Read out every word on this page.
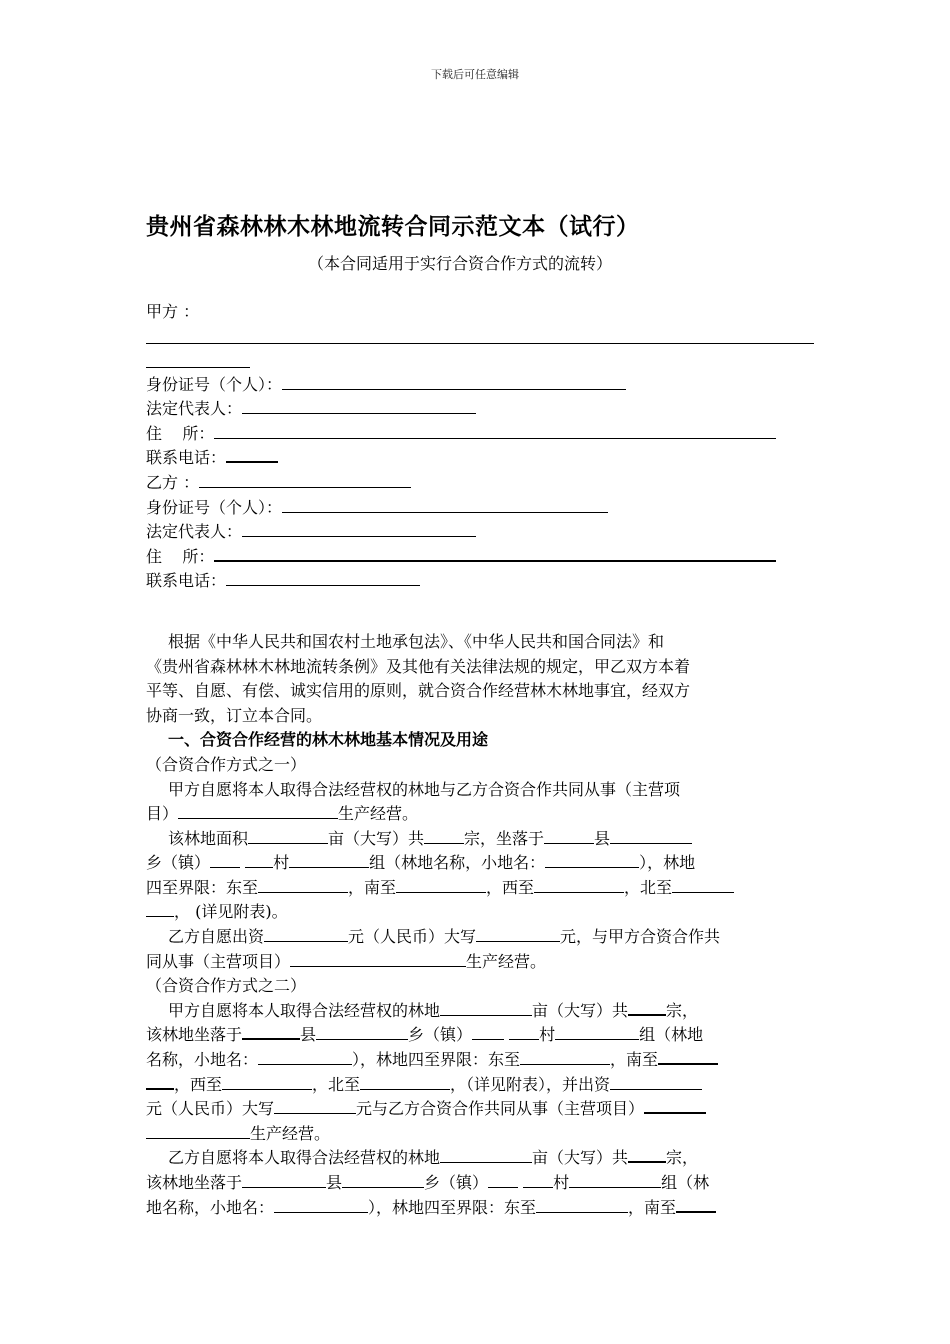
下载后可任意编辑
贵州省森林林木林地流转合同示范文本（试行）
（本合同适用于实行合资合作方式的流转）
甲方 ：
身份证号（个人）：
法定代表人：
住    所：
联系电话：
乙方 ：
身份证号（个人）：
法定代表人：
住    所：
联系电话：
根据《中华人民共和国农村土地承包法》、《中华人民共和国合同法》和
《贵州省森林林木林地流转条例》及其他有关法律法规的规定，甲乙双方本着
平等、自愿、有偿、诚实信用的原则，就合资合作经营林木林地事宜，经双方
协商一致，订立本合同。
一、合资合作经营的林木林地基本情况及用途
（合资合作方式之一）
甲方自愿将本人取得合法经营权的林地与乙方合资合作共同从事（主营项
目）	生产经营。
该林地面积	亩（大写）共	宗，坐落于	县
乡（镇）	村	组（林地名称，小地名：	），林地
四至界限：东至	，南至	，西至	，北至
， (详见附表)。
乙方自愿出资	元（人民币）大写	元，与甲方合资合作共
同从事（主营项目）	生产经营。
（合资合作方式之二）
甲方自愿将本人取得合法经营权的林地	亩（大写）共 宗，
该林地坐落于	县	乡（镇）	村	组（林地
名称，小地名：	），林地四至界限：东至	，南至
，西至	，北至	，（详见附表），并出资
元（人民币）大写	元与乙方合资合作共同从事（主营项目）
生产经营。
乙方自愿将本人取得合法经营权的林地	亩（大写）共 宗，
该林地坐落于	县	乡（镇）	村	组（林
地名称，小地名：	），林地四至界限：东至	，南至
